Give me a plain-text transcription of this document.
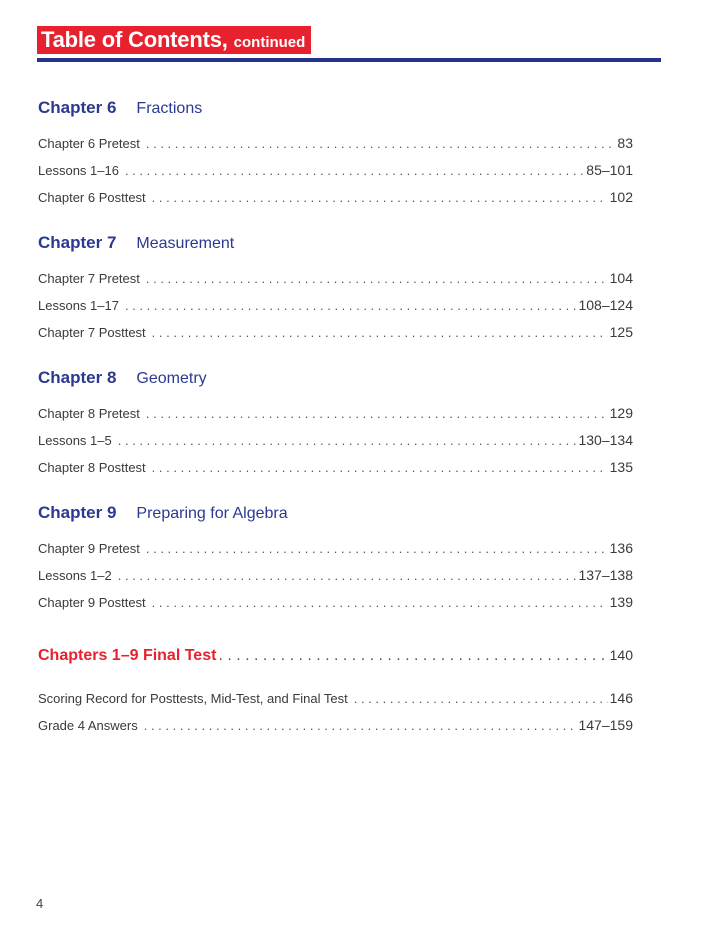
Table of Contents, continued
Chapter 6 Fractions
Chapter 6 Pretest . . .	83
Lessons 1–16 . . .	85–101
Chapter 6 Posttest . . .	102
Chapter 7 Measurement
Chapter 7 Pretest . . .	104
Lessons 1–17 . . .	108–124
Chapter 7 Posttest . . .	125
Chapter 8 Geometry
Chapter 8 Pretest . . .	129
Lessons 1–5 . . .	130–134
Chapter 8 Posttest . . .	135
Chapter 9 Preparing for Algebra
Chapter 9 Pretest . . .	136
Lessons 1–2 . . .	137–138
Chapter 9 Posttest . . .	139
Chapters 1–9 Final Test . . .	140
Scoring Record for Posttests, Mid-Test, and Final Test . . .	146
Grade 4 Answers . . .	147–159
4
